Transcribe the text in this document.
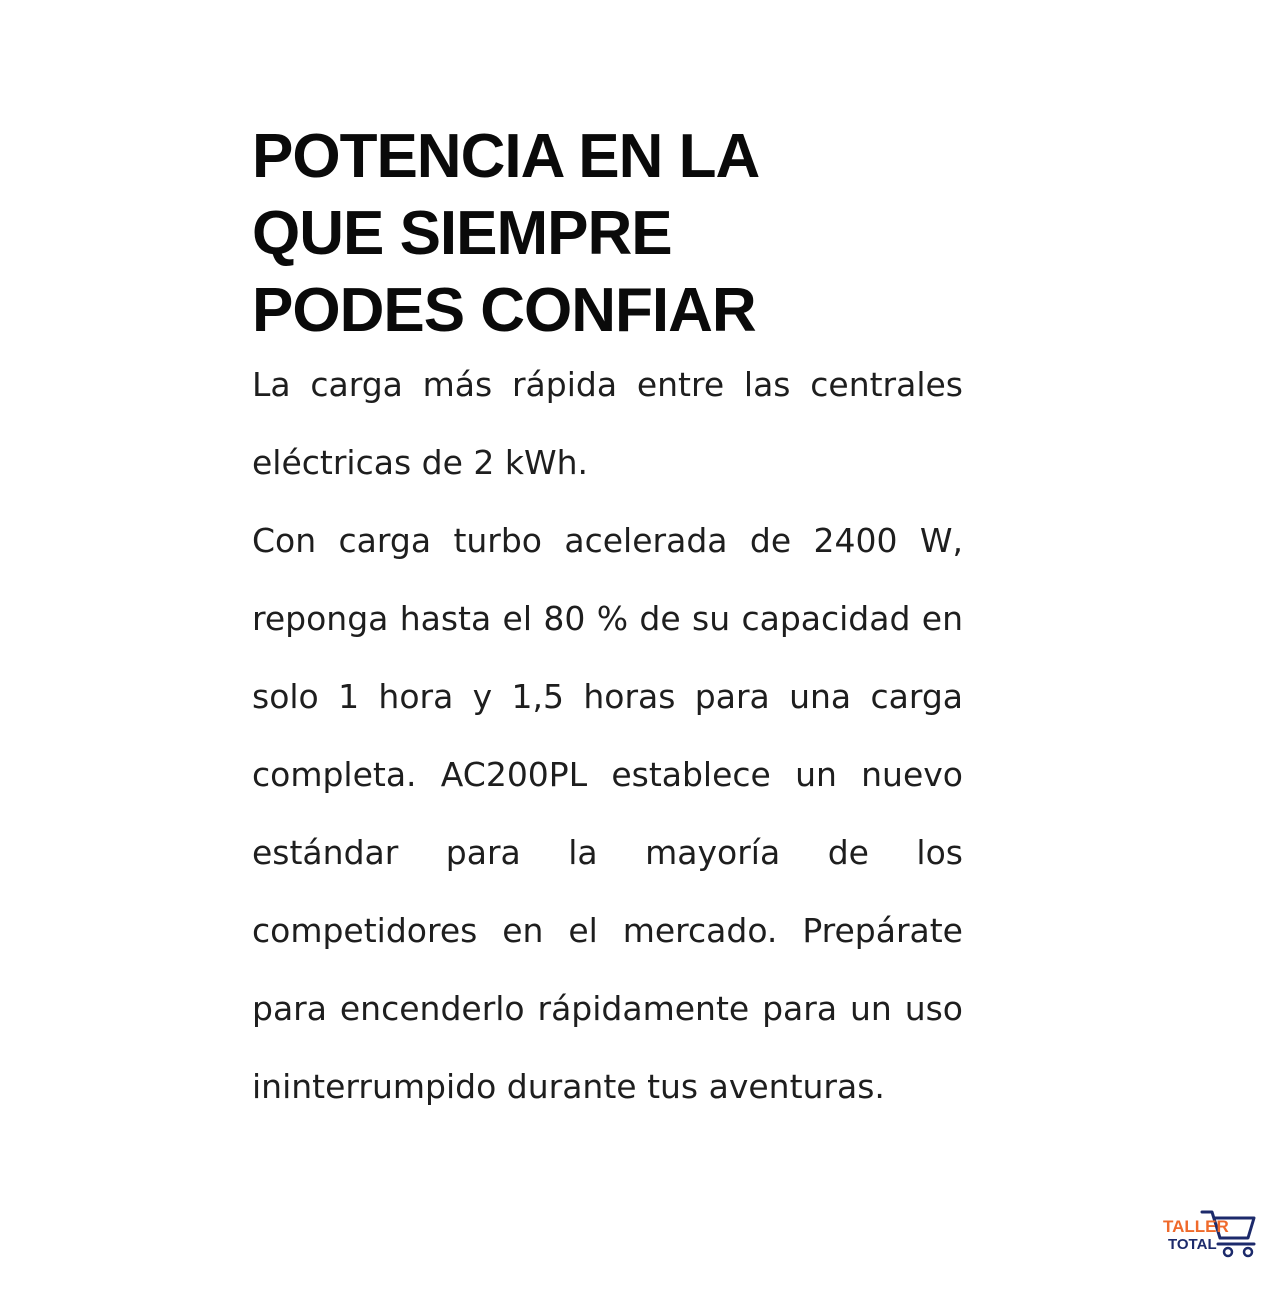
POTENCIA EN LA
QUE SIEMPRE
PODES CONFIAR

La carga más rápida entre las centrales eléctricas de 2 kWh.

Con carga turbo acelerada de 2400 W, reponga hasta el 80 % de su capacidad en solo 1 hora y 1,5 horas para una carga completa. AC200PL establece un nuevo estándar para la mayoría de los competidores en el mercado. Prepárate para encenderlo rápidamente para un uso ininterrumpido durante tus aventuras.

TALLER
TOTAL
